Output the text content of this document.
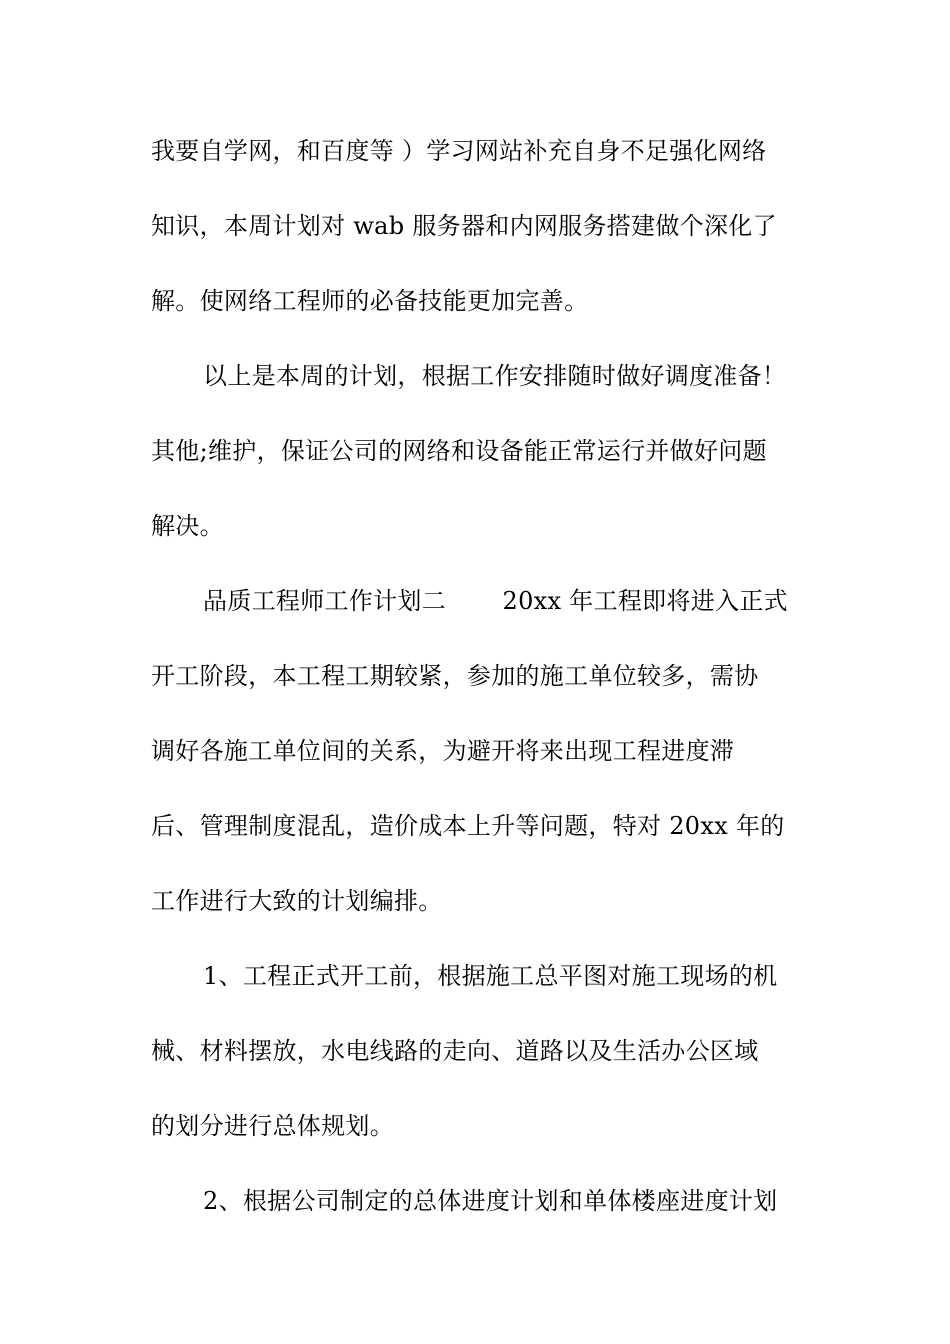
我要自学网，和百度等 ）学习网站补充自身不足强化网络
知识，本周计划对 wab 服务器和内网服务搭建做个深化了
解。使网络工程师的必备技能更加完善。
以上是本周的计划，根据工作安排随时做好调度准备！
其他;维护，保证公司的网络和设备能正常运行并做好问题
解决。
品质工程师工作计划二　　 20xx 年工程即将进入正式
开工阶段，本工程工期较紧，参加的施工单位较多，需协
调好各施工单位间的关系，为避开将来出现工程进度滞
后、管理制度混乱，造价成本上升等问题，特对 20xx 年的
工作进行大致的计划编排。
1、工程正式开工前，根据施工总平图对施工现场的机
械、材料摆放，水电线路的走向、道路以及生活办公区域
的划分进行总体规划。
2、根据公司制定的总体进度计划和单体楼座进度计划
